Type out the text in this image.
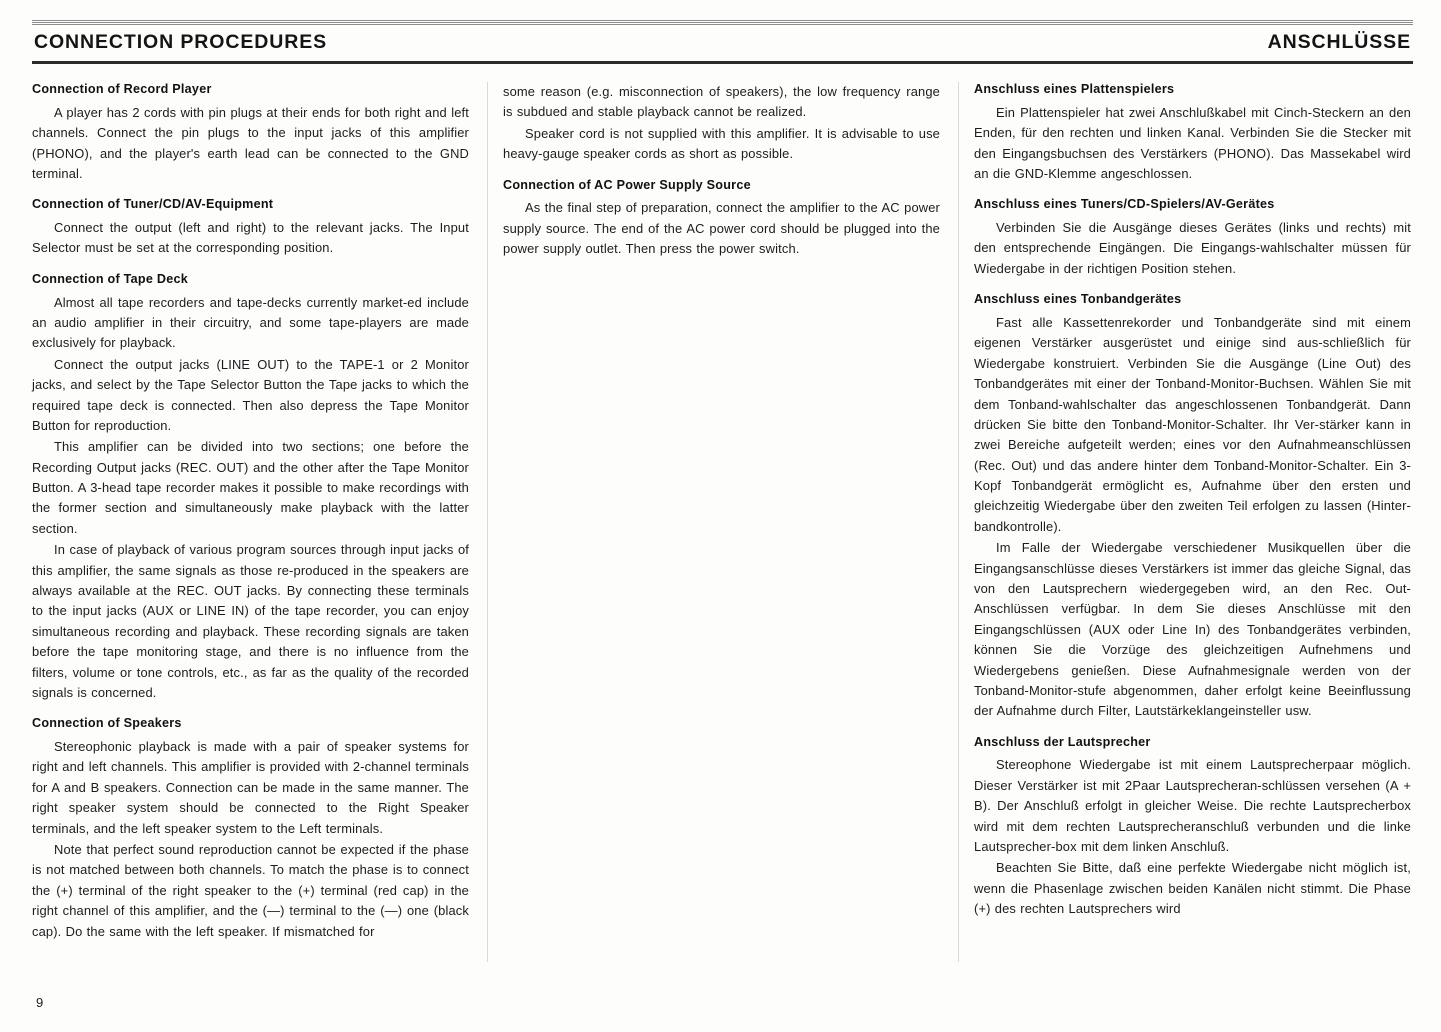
CONNECTION PROCEDURES	ANSCHLÜSSE
Connection of Record Player

A player has 2 cords with pin plugs at their ends for both right and left channels. Connect the pin plugs to the input jacks of this amplifier (PHONO), and the player's earth lead can be connected to the GND terminal.

Connection of Tuner/CD/AV-Equipment

Connect the output (left and right) to the relevant jacks. The Input Selector must be set at the corresponding position.

Connection of Tape Deck

Almost all tape recorders and tape-decks currently market-ed include an audio amplifier in their circuitry, and some tape-players are made exclusively for playback.

Connect the output jacks (LINE OUT) to the TAPE-1 or 2 Monitor jacks, and select by the Tape Selector Button the Tape jacks to which the required tape deck is connected. Then also depress the Tape Monitor Button for reproduction.

This amplifier can be divided into two sections; one before the Recording Output jacks (REC. OUT) and the other after the Tape Monitor Button. A 3-head tape recorder makes it possible to make recordings with the former section and simultaneously make playback with the latter section.

In case of playback of various program sources through input jacks of this amplifier, the same signals as those re-produced in the speakers are always available at the REC. OUT jacks. By connecting these terminals to the input jacks (AUX or LINE IN) of the tape recorder, you can enjoy simultaneous recording and playback. These recording signals are taken before the tape monitoring stage, and there is no influence from the filters, volume or tone controls, etc., as far as the quality of the recorded signals is concerned.

Connection of Speakers

Stereophonic playback is made with a pair of speaker systems for right and left channels. This amplifier is provided with 2-channel terminals for A and B speakers. Connection can be made in the same manner. The right speaker system should be connected to the Right Speaker terminals, and the left speaker system to the Left terminals.

Note that perfect sound reproduction cannot be expected if the phase is not matched between both channels. To match the phase is to connect the (+) terminal of the right speaker to the (+) terminal (red cap) in the right channel of this amplifier, and the (—) terminal to the (—) one (black cap). Do the same with the left speaker. If mismatched for

some reason (e.g. misconnection of speakers), the low frequency range is subdued and stable playback cannot be realized.

Speaker cord is not supplied with this amplifier. It is advisable to use heavy-gauge speaker cords as short as possible.

Connection of AC Power Supply Source

As the final step of preparation, connect the amplifier to the AC power supply source. The end of the AC power cord should be plugged into the power supply outlet. Then press the power switch.

Anschluss eines Plattenspielers

Ein Plattenspieler hat zwei Anschlußkabel mit Cinch-Steckern an den Enden, für den rechten und linken Kanal. Verbinden Sie die Stecker mit den Eingangsbuchsen des Verstärkers (PHONO). Das Massekabel wird an die GND-Klemme angeschlossen.

Anschluss eines Tuners/CD-Spielers/AV-Gerätes

Verbinden Sie die Ausgänge dieses Gerätes (links und rechts) mit den entsprechende Eingängen. Die Eingangs-wahlschalter müssen für Wiedergabe in der richtigen Position stehen.

Anschluss eines Tonbandgerätes

Fast alle Kassettenrekorder und Tonbandgeräte sind mit einem eigenen Verstärker ausgerüstet und einige sind aus-schließlich für Wiedergabe konstruiert. Verbinden Sie die Ausgänge (Line Out) des Tonbandgerätes mit einer der Tonband-Monitor-Buchsen. Wählen Sie mit dem Tonband-wahlschalter das angeschlossenen Tonbandgerät. Dann drücken Sie bitte den Tonband-Monitor-Schalter. Ihr Ver-stärker kann in zwei Bereiche aufgeteilt werden; eines vor den Aufnahmeanschlüssen (Rec. Out) und das andere hinter dem Tonband-Monitor-Schalter. Ein 3-Kopf Tonbandgerät ermöglicht es, Aufnahme über den ersten und gleichzeitig Wiedergabe über den zweiten Teil erfolgen zu lassen (Hinter-bandkontrolle).

Im Falle der Wiedergabe verschiedener Musikquellen über die Eingangsanschlüsse dieses Verstärkers ist immer das gleiche Signal, das von den Lautsprechern wiedergegeben wird, an den Rec. Out-Anschlüssen verfügbar. In dem Sie dieses Anschlüsse mit den Eingangschlüssen (AUX oder Line In) des Tonbandgerätes verbinden, können Sie die Vorzüge des gleichzeitigen Aufnehmens und Wiedergebens genießen. Diese Aufnahmesignale werden von der Tonband-Monitor-stufe abgenommen, daher erfolgt keine Beeinflussung der Aufnahme durch Filter, Lautstärkeklangeinsteller usw.

Anschluss der Lautsprecher

Stereophone Wiedergabe ist mit einem Lautsprecherpaar möglich. Dieser Verstärker ist mit 2Paar Lautsprecheran-schlüssen versehen (A + B). Der Anschluß erfolgt in gleicher Weise. Die rechte Lautsprecherbox wird mit dem rechten Lautsprecheranschluß verbunden und die linke Lautsprecher-box mit dem linken Anschluß.

Beachten Sie Bitte, daß eine perfekte Wiedergabe nicht möglich ist, wenn die Phasenlage zwischen beiden Kanälen nicht stimmt. Die Phase (+) des rechten Lautsprechers wird

9
